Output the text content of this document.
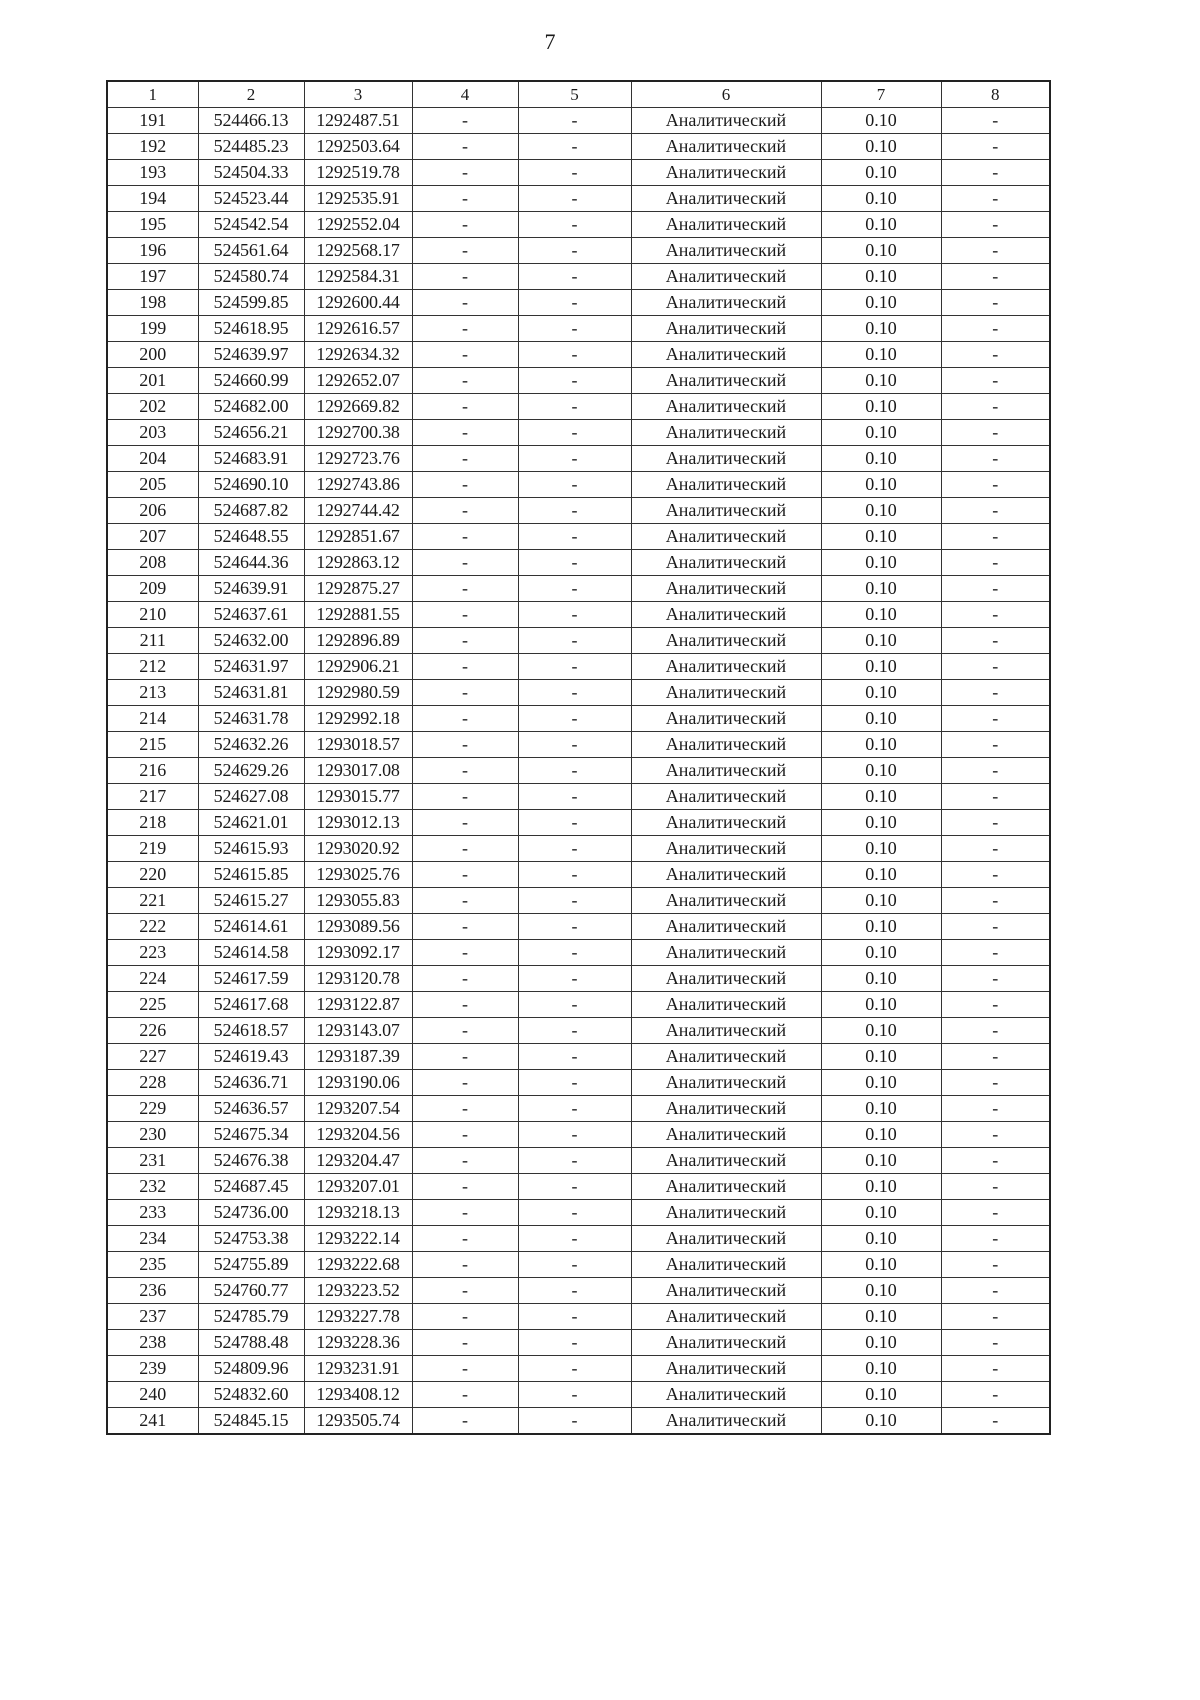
7
1	2	3	4	5	6	7	8
191	524466.13	1292487.51	-	-	Аналитический	0.10	-
192	524485.23	1292503.64	-	-	Аналитический	0.10	-
193	524504.33	1292519.78	-	-	Аналитический	0.10	-
194	524523.44	1292535.91	-	-	Аналитический	0.10	-
195	524542.54	1292552.04	-	-	Аналитический	0.10	-
196	524561.64	1292568.17	-	-	Аналитический	0.10	-
197	524580.74	1292584.31	-	-	Аналитический	0.10	-
198	524599.85	1292600.44	-	-	Аналитический	0.10	-
199	524618.95	1292616.57	-	-	Аналитический	0.10	-
200	524639.97	1292634.32	-	-	Аналитический	0.10	-
201	524660.99	1292652.07	-	-	Аналитический	0.10	-
202	524682.00	1292669.82	-	-	Аналитический	0.10	-
203	524656.21	1292700.38	-	-	Аналитический	0.10	-
204	524683.91	1292723.76	-	-	Аналитический	0.10	-
205	524690.10	1292743.86	-	-	Аналитический	0.10	-
206	524687.82	1292744.42	-	-	Аналитический	0.10	-
207	524648.55	1292851.67	-	-	Аналитический	0.10	-
208	524644.36	1292863.12	-	-	Аналитический	0.10	-
209	524639.91	1292875.27	-	-	Аналитический	0.10	-
210	524637.61	1292881.55	-	-	Аналитический	0.10	-
211	524632.00	1292896.89	-	-	Аналитический	0.10	-
212	524631.97	1292906.21	-	-	Аналитический	0.10	-
213	524631.81	1292980.59	-	-	Аналитический	0.10	-
214	524631.78	1292992.18	-	-	Аналитический	0.10	-
215	524632.26	1293018.57	-	-	Аналитический	0.10	-
216	524629.26	1293017.08	-	-	Аналитический	0.10	-
217	524627.08	1293015.77	-	-	Аналитический	0.10	-
218	524621.01	1293012.13	-	-	Аналитический	0.10	-
219	524615.93	1293020.92	-	-	Аналитический	0.10	-
220	524615.85	1293025.76	-	-	Аналитический	0.10	-
221	524615.27	1293055.83	-	-	Аналитический	0.10	-
222	524614.61	1293089.56	-	-	Аналитический	0.10	-
223	524614.58	1293092.17	-	-	Аналитический	0.10	-
224	524617.59	1293120.78	-	-	Аналитический	0.10	-
225	524617.68	1293122.87	-	-	Аналитический	0.10	-
226	524618.57	1293143.07	-	-	Аналитический	0.10	-
227	524619.43	1293187.39	-	-	Аналитический	0.10	-
228	524636.71	1293190.06	-	-	Аналитический	0.10	-
229	524636.57	1293207.54	-	-	Аналитический	0.10	-
230	524675.34	1293204.56	-	-	Аналитический	0.10	-
231	524676.38	1293204.47	-	-	Аналитический	0.10	-
232	524687.45	1293207.01	-	-	Аналитический	0.10	-
233	524736.00	1293218.13	-	-	Аналитический	0.10	-
234	524753.38	1293222.14	-	-	Аналитический	0.10	-
235	524755.89	1293222.68	-	-	Аналитический	0.10	-
236	524760.77	1293223.52	-	-	Аналитический	0.10	-
237	524785.79	1293227.78	-	-	Аналитический	0.10	-
238	524788.48	1293228.36	-	-	Аналитический	0.10	-
239	524809.96	1293231.91	-	-	Аналитический	0.10	-
240	524832.60	1293408.12	-	-	Аналитический	0.10	-
241	524845.15	1293505.74	-	-	Аналитический	0.10	-
